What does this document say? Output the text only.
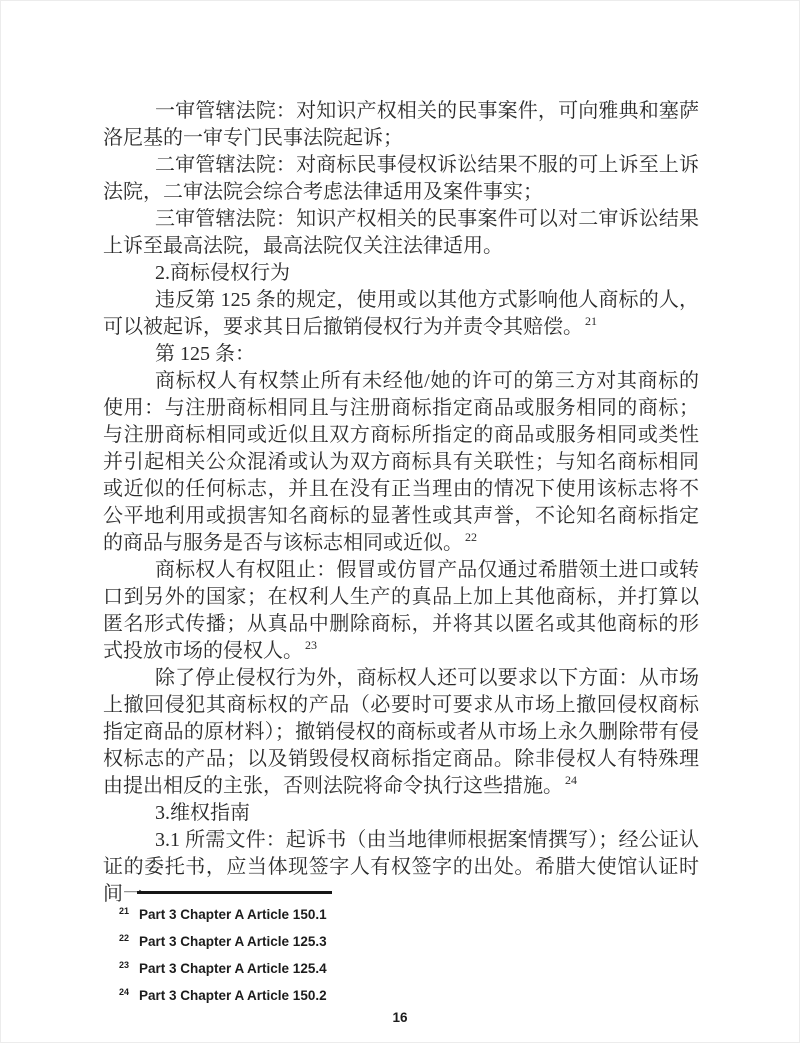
一审管辖法院：对知识产权相关的民事案件，可向雅典和塞萨洛尼基的一审专门民事法院起诉；

二审管辖法院：对商标民事侵权诉讼结果不服的可上诉至上诉法院，二审法院会综合考虑法律适用及案件事实；

三审管辖法院：知识产权相关的民事案件可以对二审诉讼结果上诉至最高法院，最高法院仅关注法律适用。

2.商标侵权行为

违反第 125 条的规定，使用或以其他方式影响他人商标的人，可以被起诉，要求其日后撤销侵权行为并责令其赔偿。 $^{21}$

第 125 条：

商标权人有权禁止所有未经他/她的许可的第三方对其商标的使用：与注册商标相同且与注册商标指定商品或服务相同的商标；与注册商标相同或近似且双方商标所指定的商品或服务相同或类性并引起相关公众混淆或认为双方商标具有关联性；与知名商标相同或近似的任何标志，并且在没有正当理由的情况下使用该标志将不公平地利用或损害知名商标的显著性或其声誉，不论知名商标指定的商品与服务是否与该标志相同或近似。 $^{22}$

商标权人有权阻止：假冒或仿冒产品仅通过希腊领土进口或转口到另外的国家；在权利人生产的真品上加上其他商标，并打算以匿名形式传播；从真品中删除商标，并将其以匿名或其他商标的形式投放市场的侵权人。 $^{23}$

除了停止侵权行为外，商标权人还可以要求以下方面：从市场上撤回侵犯其商标权的产品（必要时可要求从市场上撤回侵权商标指定商品的原材料）；撤销侵权的商标或者从市场上永久删除带有侵权标志的产品；以及销毁侵权商标指定商品。除非侵权人有特殊理由提出相反的主张，否则法院将命令执行这些措施。 $^{24}$

3.维权指南

3.1 所需文件：起诉书（由当地律师根据案情撰写）；经公证认证的委托书，应当体现签字人有权签字的出处。希腊大使馆认证时间一

$^{21}$ Part 3 Chapter A Article 150.1
$^{22}$ Part 3 Chapter A Article 125.3
$^{23}$ Part 3 Chapter A Article 125.4
$^{24}$ Part 3 Chapter A Article 150.2
16
